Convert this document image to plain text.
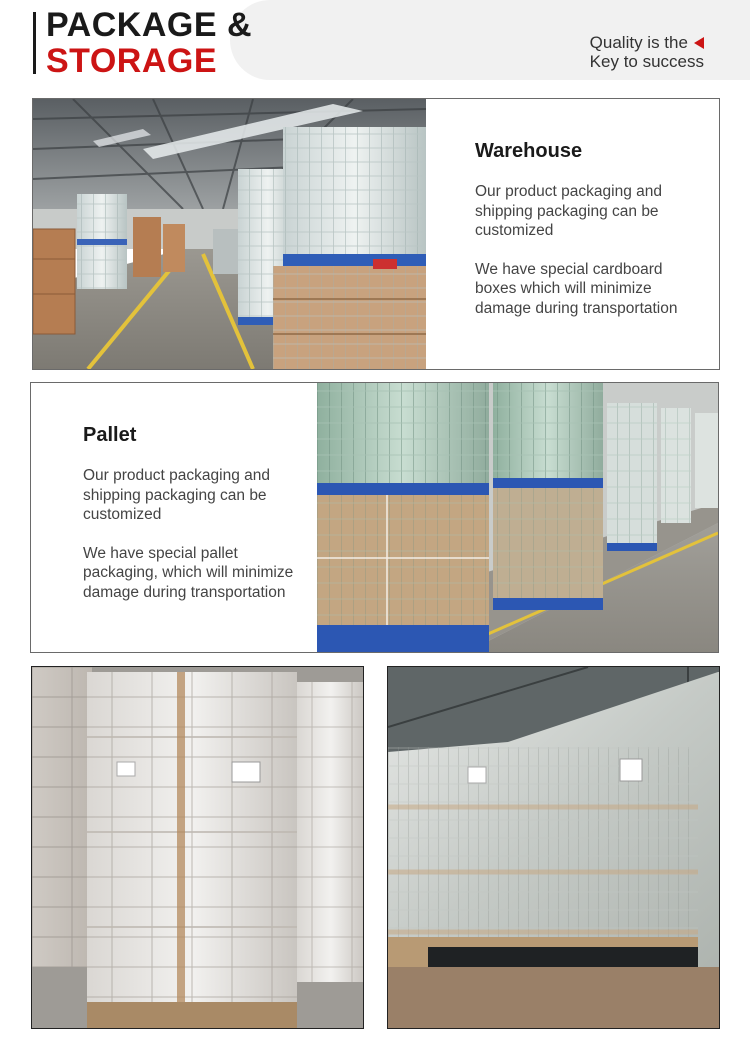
PACKAGE &
STORAGE	Quality is the
Key to success
Warehouse

Our product packaging and shipping packaging can be customized

We have special cardboard boxes which will minimize damage during transportation

Pallet

Our product packaging and shipping packaging can be customized

We have special pallet packaging, which will minimize damage during transportation
